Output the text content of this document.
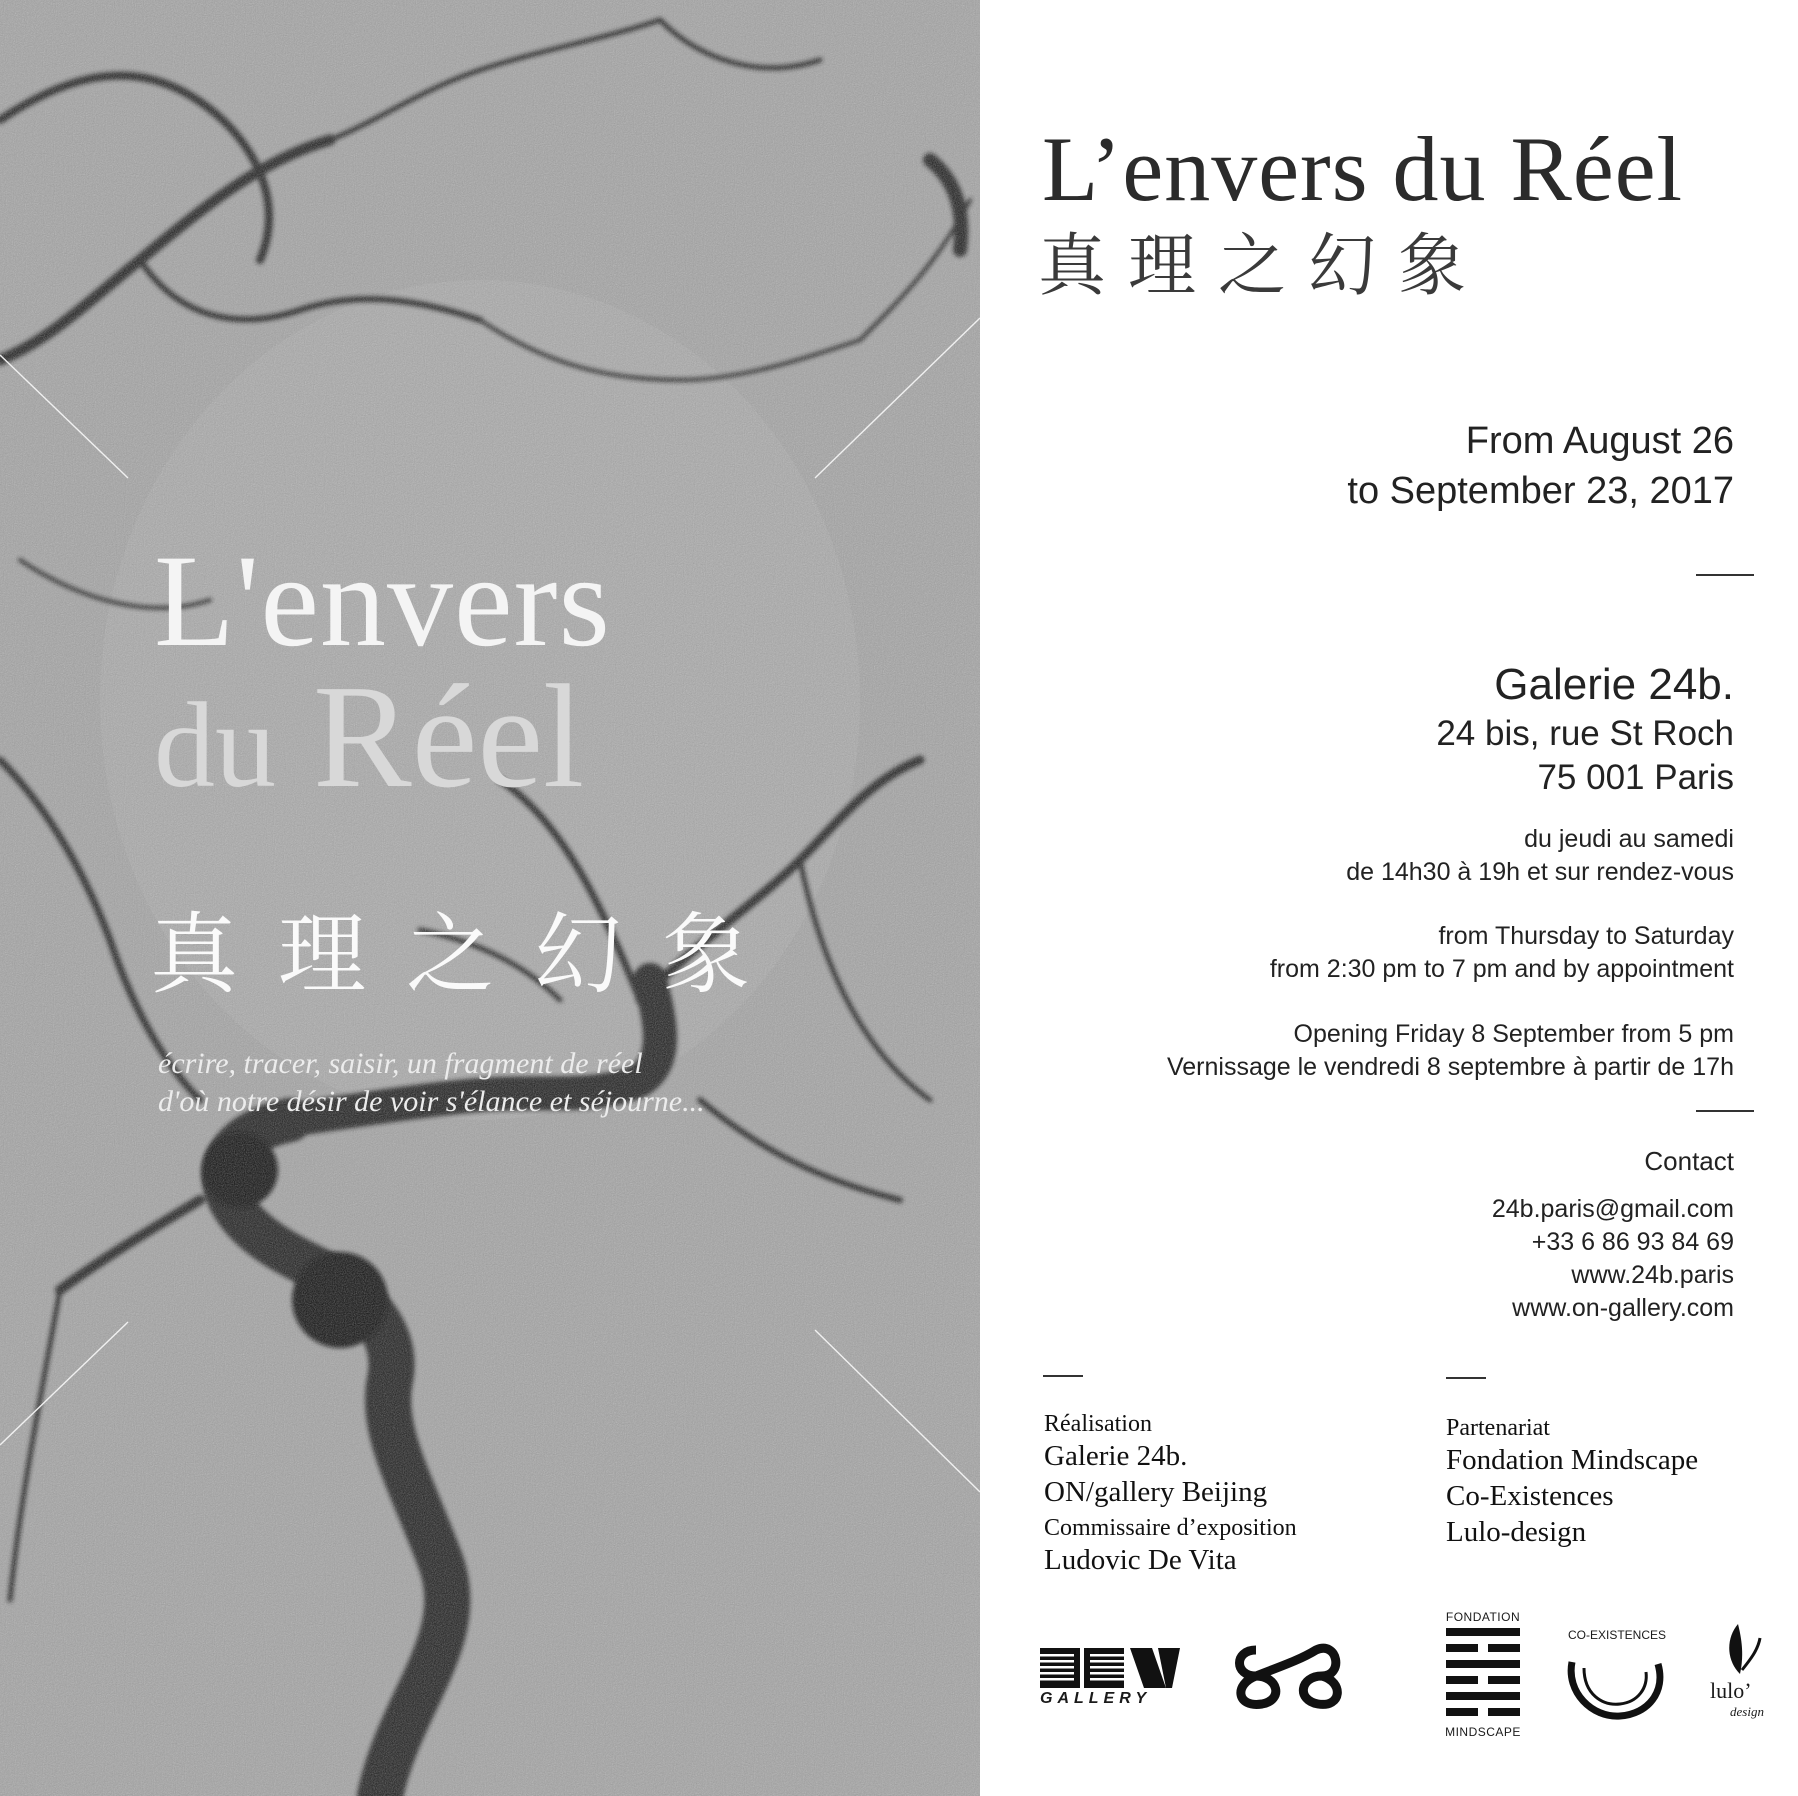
L'envers
du Réel
真理之幻象
écrire, tracer, saisir, un fragment de réel
d'où notre désir de voir s'élance et séjourne...
L’envers du Réel
真理之幻象
From August 26
to September 23, 2017
Galerie 24b.
24 bis, rue St Roch
75 001 Paris
du jeudi au samedi
de 14h30 à 19h et sur rendez-vous
from Thursday to Saturday
from 2:30 pm to 7 pm and by appointment
Opening Friday 8 September from 5 pm
Vernissage le vendredi 8 septembre à partir de 17h
Contact
24b.paris@gmail.com
+33 6 86 93 84 69
www.24b.paris
www.on-gallery.com
Réalisation
Galerie 24b.
ON/gallery Beijing
Commissaire d’exposition
Ludovic De Vita
Partenariat
Fondation Mindscape
Co-Existences
Lulo-design
GALLERY
FONDATION
MINDSCAPE
CO-EXISTENCES
lulo’
design
